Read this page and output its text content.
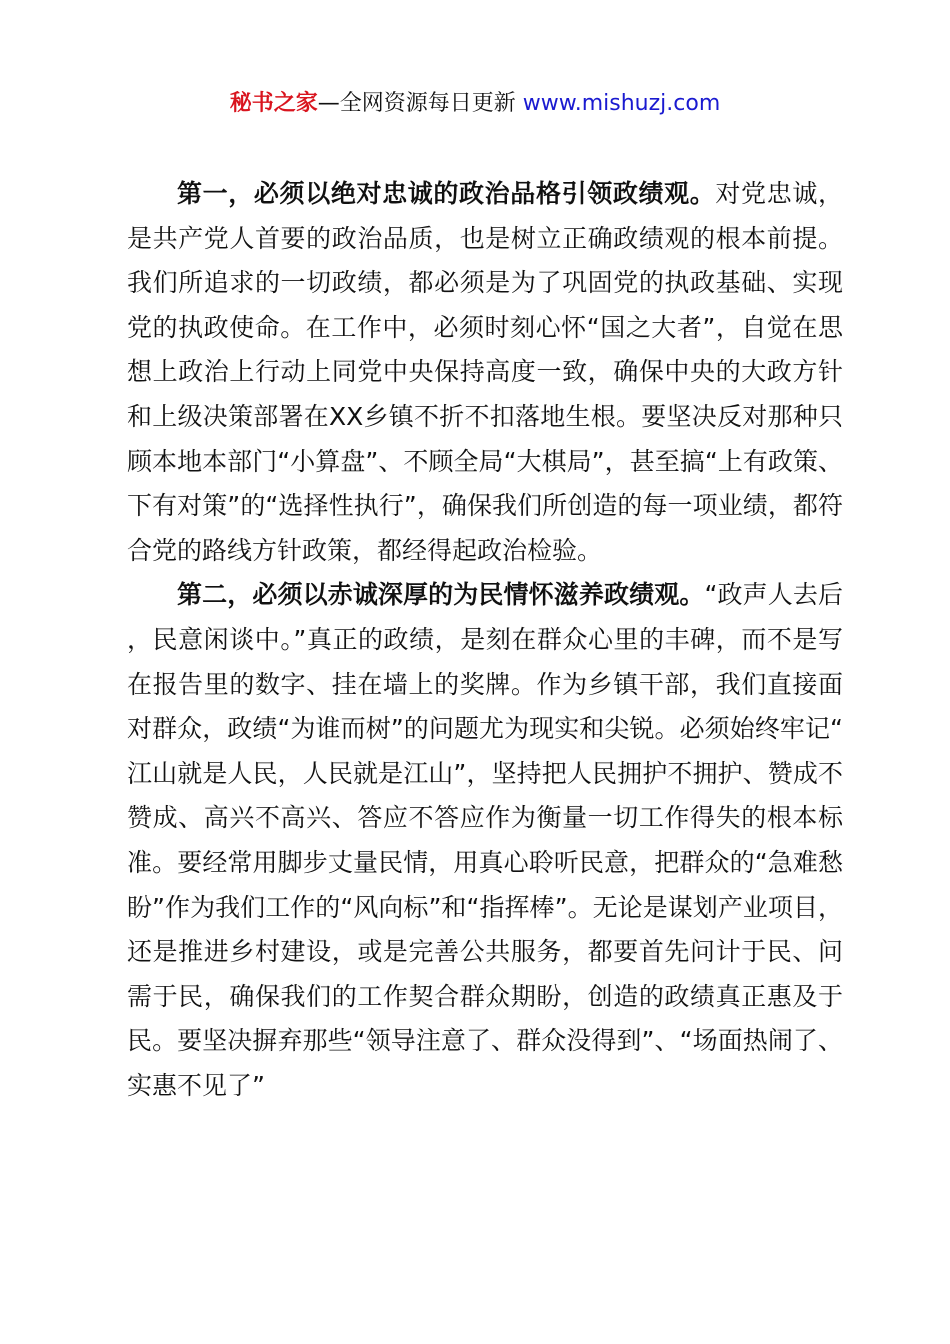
秘书之家—全网资源每日更新 www.mishuzj.com

第一，必须以绝对忠诚的政治品格引领政绩观。对党忠诚，是共产党人首要的政治品质，也是树立正确政绩观的根本前提。我们所追求的一切政绩，都必须是为了巩固党的执政基础、实现党的执政使命。在工作中，必须时刻心怀“国之大者”，自觉在思想上政治上行动上同党中央保持高度一致，确保中央的大政方针和上级决策部署在XX乡镇不折不扣落地生根。要坚决反对那种只顾本地本部门“小算盘”、不顾全局“大棋局”，甚至搞“上有政策、下有对策”的“选择性执行”，确保我们所创造的每一项业绩，都符合党的路线方针政策，都经得起政治检验。

第二，必须以赤诚深厚的为民情怀滋养政绩观。“政声人去后，民意闲谈中。”真正的政绩，是刻在群众心里的丰碑，而不是写在报告里的数字、挂在墙上的奖牌。作为乡镇干部，我们直接面对群众，政绩“为谁而树”的问题尤为现实和尖锐。必须始终牢记“江山就是人民，人民就是江山”，坚持把人民拥护不拥护、赞成不赞成、高兴不高兴、答应不答应作为衡量一切工作得失的根本标准。要经常用脚步丈量民情，用真心聆听民意，把群众的“急难愁盼”作为我们工作的“风向标”和“指挥棒”。无论是谋划产业项目，还是推进乡村建设，或是完善公共服务，都要首先问计于民、问需于民，确保我们的工作契合群众期盼，创造的政绩真正惠及于民。要坚决摒弃那些“领导注意了、群众没得到”、“场面热闹了、实惠不见了”
